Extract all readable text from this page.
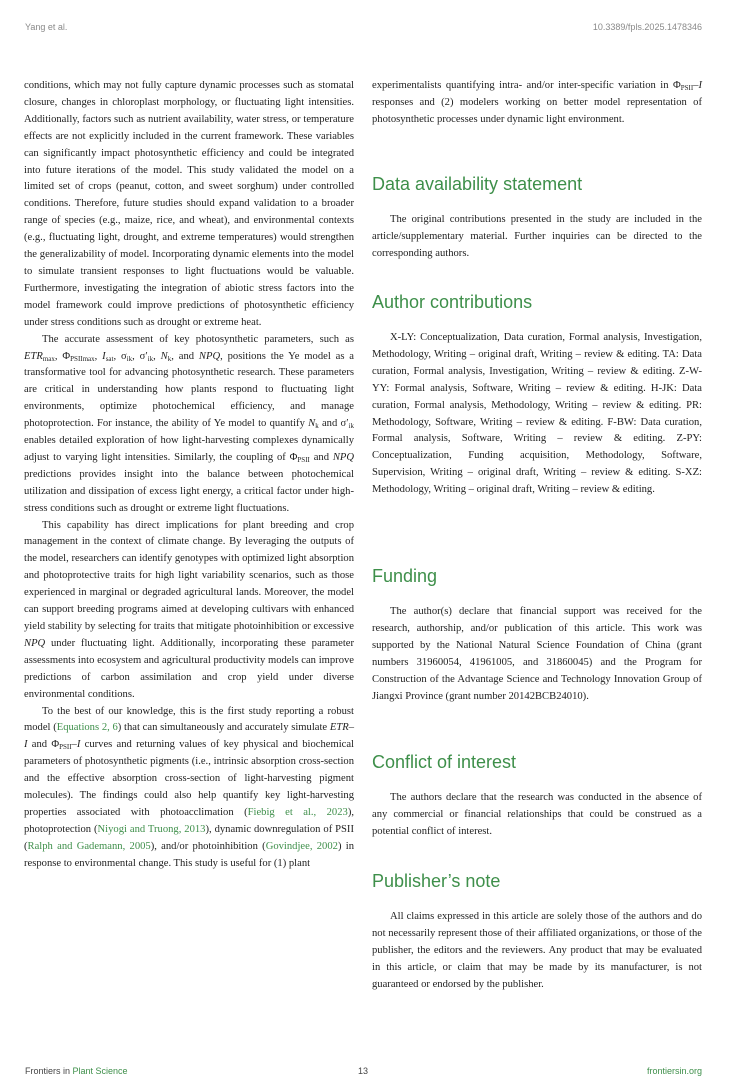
Yang et al.	10.3389/fpls.2025.1478346

conditions, which may not fully capture dynamic processes such as stomatal closure, changes in chloroplast morphology, or fluctuating light intensities. Additionally, factors such as nutrient availability, water stress, or temperature effects are not explicitly included in the current framework. These variables can significantly impact photosynthetic efficiency and could be integrated into future iterations of the model. This study validated the model on a limited set of crops (peanut, cotton, and sweet sorghum) under controlled conditions. Therefore, future studies should expand validation to a broader range of species (e.g., maize, rice, and wheat), and environmental contexts (e.g., fluctuating light, drought, and extreme temperatures) would strengthen the generalizability of model. Incorporating dynamic elements into the model to simulate transient responses to light fluctuations would be valuable. Furthermore, investigating the integration of abiotic stress factors into the model framework could improve predictions of photosynthetic efficiency under stress conditions such as drought or extreme heat.

The accurate assessment of key photosynthetic parameters, such as $ETR_{max}$, $\Phi_{PSIImax}$, $I_{sat}$, $\sigma_{ik}$, $\sigma'_{ik}$, $N_k$, and NPQ, positions the Ye model as a transformative tool for advancing photosynthetic research. These parameters are critical in understanding how plants respond to fluctuating light environments, optimize photochemical efficiency, and manage photoprotection. For instance, the ability of Ye model to quantify $N_k$ and $\sigma'_{ik}$ enables detailed exploration of how light-harvesting complexes dynamically adjust to varying light intensities. Similarly, the coupling of $\Phi_{PSII}$ and NPQ predictions provides insight into the balance between photochemical utilization and dissipation of excess light energy, a critical factor under high-stress conditions such as drought or extreme light fluctuations.

This capability has direct implications for plant breeding and crop management in the context of climate change. By leveraging the outputs of the model, researchers can identify genotypes with optimized light absorption and photoprotective traits for high light variability scenarios, such as those experienced in marginal or degraded agricultural lands. Moreover, the model can support breeding programs aimed at developing cultivars with enhanced yield stability by selecting for traits that mitigate photoinhibition or excessive NPQ under fluctuating light. Additionally, incorporating these parameter assessments into ecosystem and agricultural productivity models can improve predictions of carbon assimilation and crop yield under diverse environmental conditions.

To the best of our knowledge, this is the first study reporting a robust model (Equations 2, 6) that can simultaneously and accurately simulate ETR–I and $\Phi_{PSII}-I$ curves and returning values of key physical and biochemical parameters of photosynthetic pigments (i.e., intrinsic absorption cross-section and the effective absorption cross-section of light-harvesting pigment molecules). The findings could also help quantify key light-harvesting properties associated with photoacclimation (Fiebig et al., 2023), photoprotection (Niyogi and Truong, 2013), dynamic downregulation of PSII (Ralph and Gademann, 2005), and/or photoinhibition (Govindjee, 2002) in response to environmental change. This study is useful for (1) plant

experimentalists quantifying intra- and/or inter-specific variation in $\Phi_{PSII}-I$ responses and (2) modelers working on better model representation of photosynthetic processes under dynamic light environment.

Data availability statement

The original contributions presented in the study are included in the article/supplementary material. Further inquiries can be directed to the corresponding authors.

Author contributions

X-LY: Conceptualization, Data curation, Formal analysis, Investigation, Methodology, Writing – original draft, Writing – review & editing. TA: Data curation, Formal analysis, Investigation, Writing – review & editing. Z-W-YY: Formal analysis, Software, Writing – review & editing. H-JK: Data curation, Formal analysis, Methodology, Writing – review & editing. PR: Methodology, Software, Writing – review & editing. F-BW: Data curation, Formal analysis, Software, Writing – review & editing. Z-PY: Conceptualization, Funding acquisition, Methodology, Software, Supervision, Writing – original draft, Writing – review & editing. S-XZ: Methodology, Writing – original draft, Writing – review & editing.

Funding

The author(s) declare that financial support was received for the research, authorship, and/or publication of this article. This work was supported by the National Natural Science Foundation of China (grant numbers 31960054, 41961005, and 31860045) and the Program for Construction of the Advantage Science and Technology Innovation Group of Jiangxi Province (grant number 20142BCB24010).

Conflict of interest

The authors declare that the research was conducted in the absence of any commercial or financial relationships that could be construed as a potential conflict of interest.

Publisher’s note

All claims expressed in this article are solely those of the authors and do not necessarily represent those of their affiliated organizations, or those of the publisher, the editors and the reviewers. Any product that may be evaluated in this article, or claim that may be made by its manufacturer, is not guaranteed or endorsed by the publisher.

Frontiers in Plant Science	13	frontiersin.org
